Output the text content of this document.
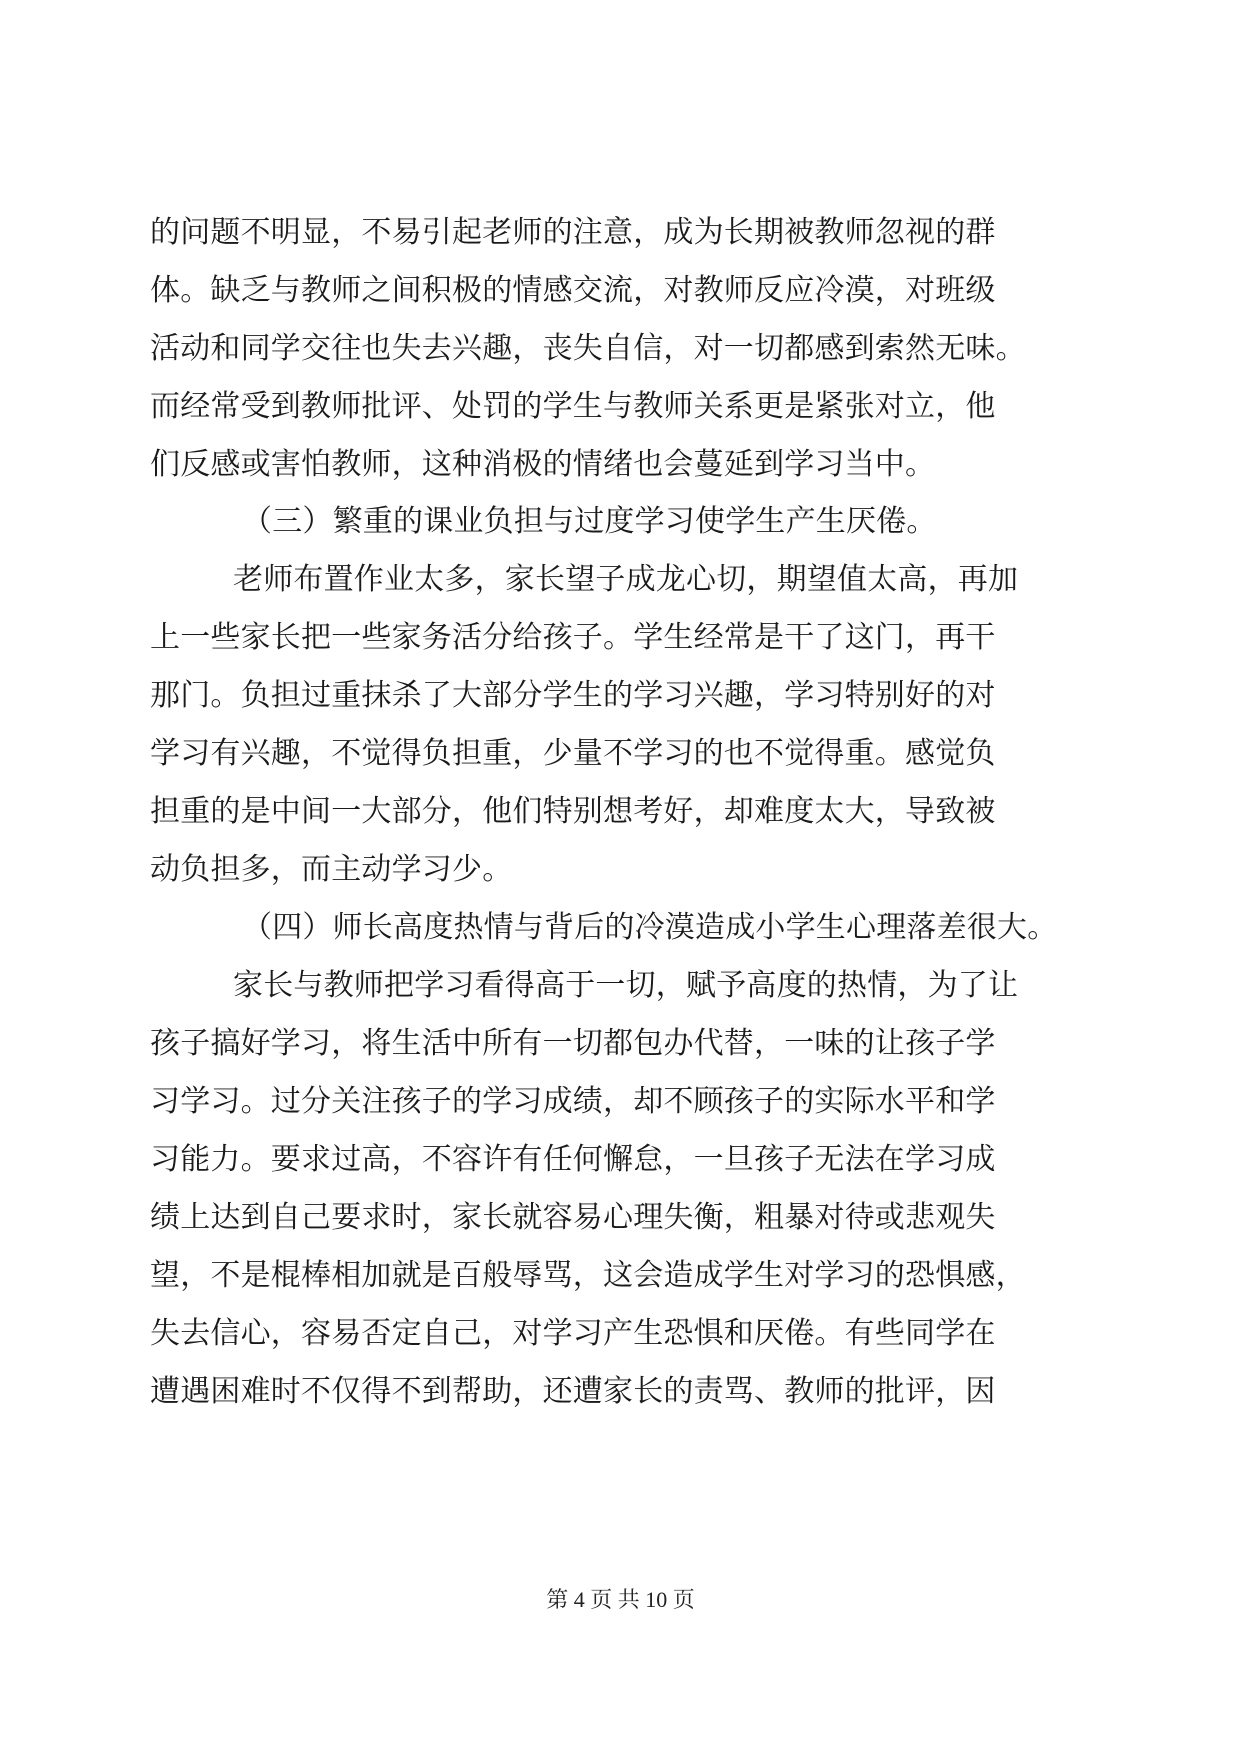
的问题不明显，不易引起老师的注意，成为长期被教师忽视的群
体。缺乏与教师之间积极的情感交流，对教师反应冷漠，对班级
活动和同学交往也失去兴趣，丧失自信，对一切都感到索然无味。
而经常受到教师批评、处罚的学生与教师关系更是紧张对立，他
们反感或害怕教师，这种消极的情绪也会蔓延到学习当中。
（三）繁重的课业负担与过度学习使学生产生厌倦。
老师布置作业太多，家长望子成龙心切，期望值太高，再加
上一些家长把一些家务活分给孩子。学生经常是干了这门，再干
那门。负担过重抹杀了大部分学生的学习兴趣，学习特别好的对
学习有兴趣，不觉得负担重，少量不学习的也不觉得重。感觉负
担重的是中间一大部分，他们特别想考好，却难度太大，导致被
动负担多，而主动学习少。
（四）师长高度热情与背后的冷漠造成小学生心理落差很大。
家长与教师把学习看得高于一切，赋予高度的热情，为了让
孩子搞好学习，将生活中所有一切都包办代替，一味的让孩子学
习学习。过分关注孩子的学习成绩，却不顾孩子的实际水平和学
习能力。要求过高，不容许有任何懈怠，一旦孩子无法在学习成
绩上达到自己要求时，家长就容易心理失衡，粗暴对待或悲观失
望，不是棍棒相加就是百般辱骂，这会造成学生对学习的恐惧感，
失去信心，容易否定自己，对学习产生恐惧和厌倦。有些同学在
遭遇困难时不仅得不到帮助，还遭家长的责骂、教师的批评，因
第 4 页 共 10 页
